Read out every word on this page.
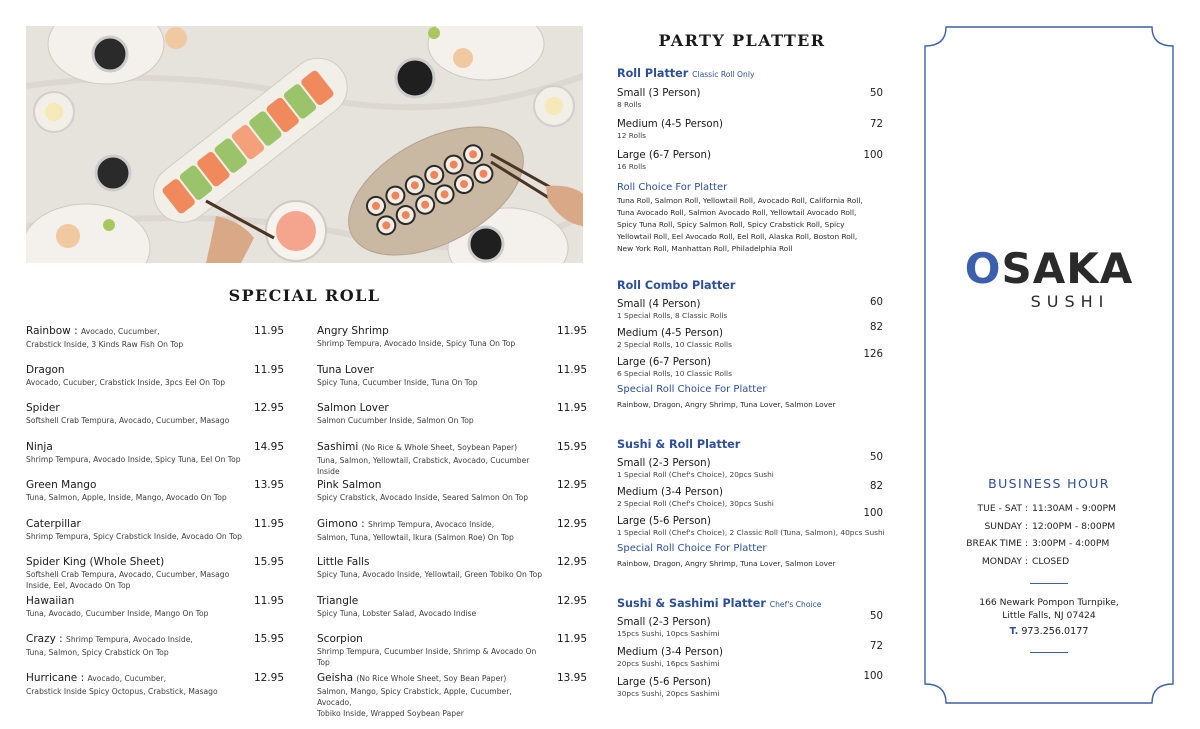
SPECIAL ROLL
Rainbow : Avocado, Cucumber,
Crabstick Inside, 3 Kinds Raw Fish On Top
11.95
Dragon
Avocado, Cucuber, Crabstick Inside, 3pcs Eel On Top
11.95
Spider
Softshell Crab Tempura, Avocado, Cucumber, Masago
12.95
Ninja
Shrimp Tempura, Avocado Inside, Spicy Tuna, Eel On Top
14.95
Green Mango
Tuna, Salmon, Apple, Inside, Mango, Avocado On Top
13.95
Caterpillar
Shrimp Tempura, Spicy Crabstick Inside, Avocado On Top
11.95
Spider King (Whole Sheet)
Softshell Crab Tempura, Avocado, Cucumber, Masago
Inside, Eel, Avocado On Top
15.95
Hawaiian
Tuna, Avocado, Cucumber Inside, Mango On Top
11.95
Crazy : Shrimp Tempura, Avocado Inside,
Tuna, Salmon, Spicy Crabstick On Top
15.95
Hurricane : Avocado, Cucumber,
Crabstick Inside Spicy Octopus, Crabstick, Masago
12.95
Angry Shrimp
Shrimp Tempura, Avocado Inside, Spicy Tuna On Top
11.95
Tuna Lover
Spicy Tuna, Cucumber Inside, Tuna On Top
11.95
Salmon Lover
Salmon Cucumber Inside, Salmon On Top
11.95
Sashimi (No Rice & Whole Sheet, Soybean Paper)
Tuna, Salmon, Yellowtail, Crabstick, Avocado, Cucumber Inside
15.95
Pink Salmon
Spicy Crabstick, Avocado Inside, Seared Salmon On Top
12.95
Gimono : Shrimp Tempura, Avocaco Inside,
Salmon, Tuna, Yellowtail, Ikura (Salmon Roe) On Top
12.95
Little Falls
Spicy Tuna, Avocado Inside, Yellowtail, Green Tobiko On Top
12.95
Triangle
Spicy Tuna, Lobster Salad, Avocado Indise
12.95
Scorpion
Shrimp Tempura, Cucumber Inside, Shrimp & Avocado On Top
11.95
Geisha (No Rice Whole Sheet, Soy Bean Paper)
Salmon, Mango, Spicy Crabstick, Apple, Cucumber, Avocado,
Tobiko Inside, Wrapped Soybean Paper
13.95
PARTY PLATTER
Roll Platter Classic Roll Only
Small (3 Person)
8 Rolls
50
Medium (4-5 Person)
12 Rolls
72
Large (6-7 Person)
16 Rolls
100
Roll Choice For Platter
Tuna Roll, Salmon Roll, Yellowtail Roll, Avocado Roll, California Roll,
Tuna Avocado Roll, Salmon Avocado Roll, Yellowtail Avocado Roll,
Spicy Tuna Roll, Spicy Salmon Roll, Spicy Crabstick Roll, Spicy
Yellowtail Roll, Eel Avocado Roll, Eel Roll, Alaska Roll, Boston Roll,
New York Roll, Manhattan Roll, Philadelphia Roll
Roll Combo Platter
Small (4 Person)
1 Special Rolls, 8 Classic Rolls
60
Medium (4-5 Person)
2 Special Rolls, 10 Classic Rolls
82
Large (6-7 Person)
6 Special Rolls, 10 Classic Rolls
126
Special Roll Choice For Platter
Rainbow, Dragon, Angry Shrimp, Tuna Lover, Salmon Lover
Sushi & Roll Platter
Small (2-3 Person)
1 Special Roll (Chef's Choice), 20pcs Sushi
50
Medium (3-4 Person)
2 Special Roll (Chef's Choice), 30pcs Sushi
82
Large (5-6 Person)
1 Special Roll (Chef's Choice), 2 Classic Roll (Tuna, Salmon), 40pcs Sushi
100
Special Roll Choice For Platter
Rainbow, Dragon, Angry Shrimp, Tuna Lover, Salmon Lover
Sushi & Sashimi Platter Chef's Choice
Small (2-3 Person)
15pcs Sushi, 10pcs Sashimi
50
Medium (3-4 Person)
20pcs Sushi, 16pcs Sashimi
72
Large (5-6 Person)
30pcs Sushi, 20pcs Sashimi
100
OSAKA
SUSHI
BUSINESS HOUR
TUE - SAT : 11:30AM - 9:00PM
SUNDAY : 12:00PM - 8:00PM
BREAK TIME : 3:00PM - 4:00PM
MONDAY : CLOSED
166 Newark Pompon Turnpike,
Little Falls, NJ 07424
T. 973.256.0177
